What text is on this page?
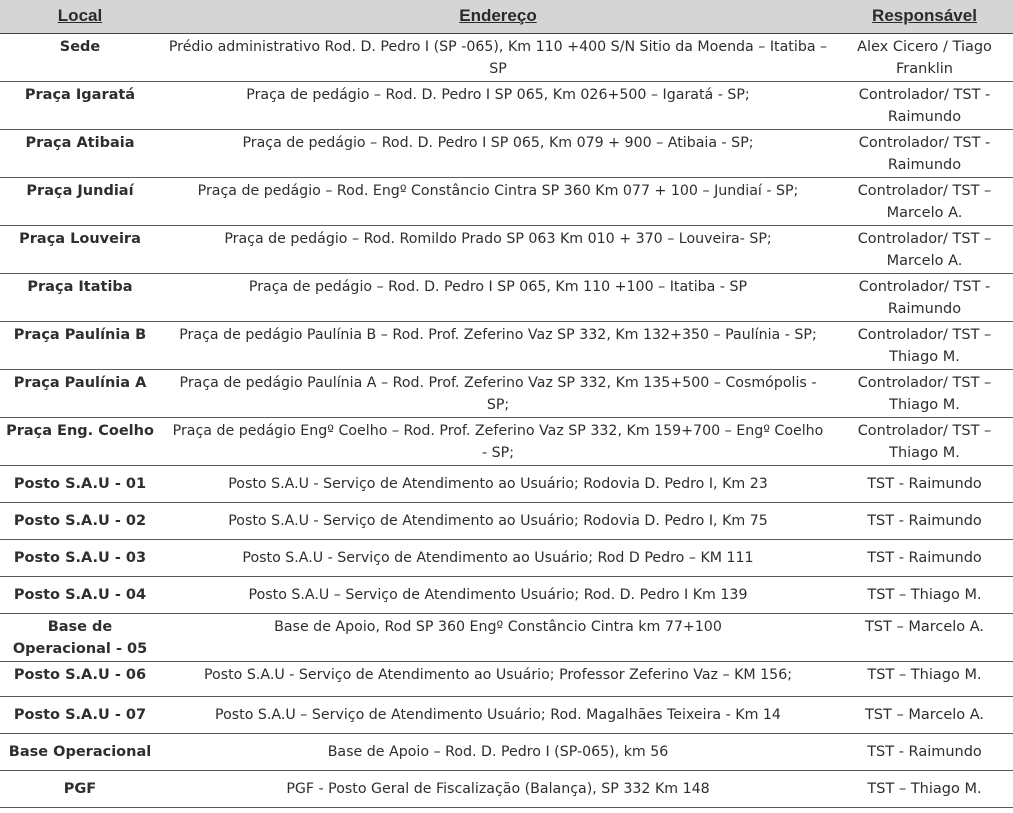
Local	Endereço	Responsável
Sede	Prédio administrativo Rod. D. Pedro I (SP -065), Km 110 +400 S/N Sitio da Moenda – Itatiba – SP	Alex Cicero / Tiago Franklin
Praça Igaratá	Praça de pedágio – Rod. D. Pedro I SP 065, Km 026+500 – Igaratá - SP;	Controlador/ TST - Raimundo
Praça Atibaia	Praça de pedágio – Rod. D. Pedro I SP 065, Km 079 + 900 – Atibaia - SP;	Controlador/ TST - Raimundo
Praça Jundiaí	Praça de pedágio – Rod. Engº Constâncio Cintra SP 360 Km 077 + 100 – Jundiaí - SP;	Controlador/ TST – Marcelo A.
Praça Louveira	Praça de pedágio – Rod. Romildo Prado SP 063 Km 010 + 370 – Louveira- SP;	Controlador/ TST – Marcelo A.
Praça Itatiba	Praça de pedágio – Rod. D. Pedro I SP 065, Km 110 +100 – Itatiba - SP	Controlador/ TST - Raimundo
Praça Paulínia B	Praça de pedágio Paulínia B – Rod. Prof. Zeferino Vaz SP 332, Km 132+350 – Paulínia - SP;	Controlador/ TST – Thiago M.
Praça Paulínia A	Praça de pedágio Paulínia A – Rod. Prof. Zeferino Vaz SP 332, Km 135+500 – Cosmópolis - SP;	Controlador/ TST – Thiago M.
Praça Eng. Coelho	Praça de pedágio Engº Coelho – Rod. Prof. Zeferino Vaz SP 332, Km 159+700 – Engº Coelho - SP;	Controlador/ TST – Thiago M.
Posto S.A.U - 01	Posto S.A.U - Serviço de Atendimento ao Usuário; Rodovia D. Pedro I, Km 23	TST - Raimundo
Posto S.A.U - 02	Posto S.A.U - Serviço de Atendimento ao Usuário; Rodovia D. Pedro I, Km 75	TST - Raimundo
Posto S.A.U - 03	Posto S.A.U - Serviço de Atendimento ao Usuário; Rod D Pedro – KM 111	TST - Raimundo
Posto S.A.U - 04	Posto S.A.U – Serviço de Atendimento Usuário; Rod. D. Pedro I Km 139	TST – Thiago M.
Base de Operacional - 05	Base de Apoio, Rod SP 360 Engº Constâncio Cintra km 77+100	TST – Marcelo A.
Posto S.A.U - 06	Posto S.A.U - Serviço de Atendimento ao Usuário; Professor Zeferino Vaz – KM 156;	TST – Thiago M.
Posto S.A.U - 07	Posto S.A.U – Serviço de Atendimento Usuário; Rod. Magalhães Teixeira - Km 14	TST – Marcelo A.
Base Operacional	Base de Apoio – Rod. D. Pedro I (SP-065), km 56	TST - Raimundo
PGF	PGF - Posto Geral de Fiscalização (Balança), SP 332 Km 148	TST – Thiago M.
